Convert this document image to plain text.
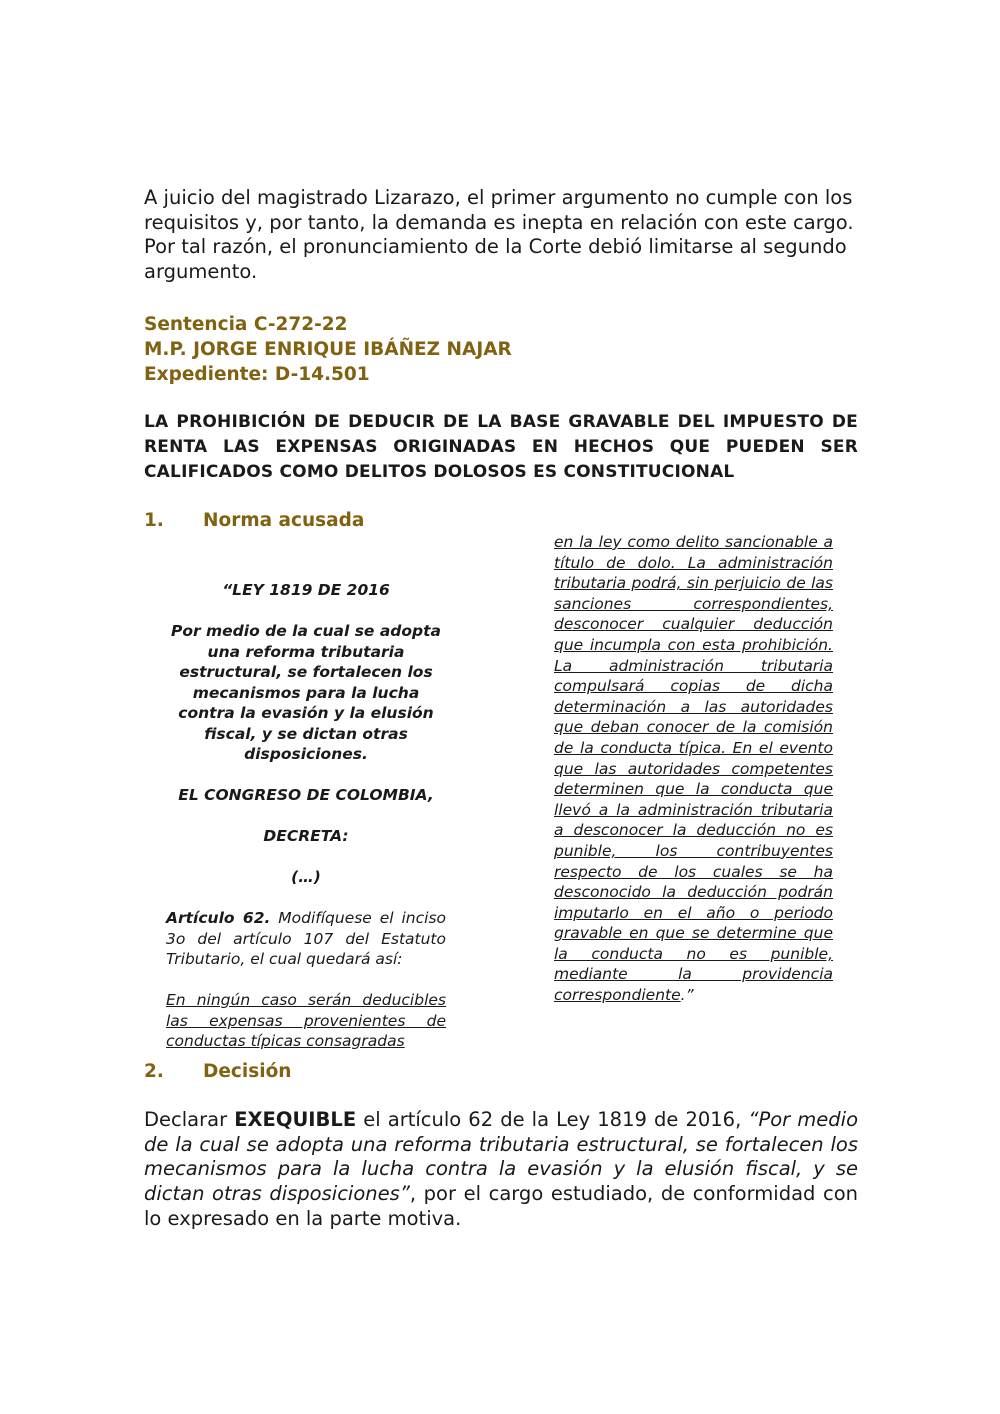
A juicio del magistrado Lizarazo, el primer argumento no cumple con los requisitos y, por tanto, la demanda es inepta en relación con este cargo. Por tal razón, el pronunciamiento de la Corte debió limitarse al segundo argumento.

Sentencia C-272-22
M.P. JORGE ENRIQUE IBÁÑEZ NAJAR
Expediente: D-14.501
LA PROHIBICIÓN DE DEDUCIR DE LA BASE GRAVABLE DEL IMPUESTO DE RENTA LAS EXPENSAS ORIGINADAS EN HECHOS QUE PUEDEN SER CALIFICADOS COMO DELITOS DOLOSOS ES CONSTITUCIONAL
1. Norma acusada
“LEY 1819 DE 2016
Por medio de la cual se adopta una reforma tributaria estructural, se fortalecen los mecanismos para la lucha contra la evasión y la elusión fiscal, y se dictan otras disposiciones.
EL CONGRESO DE COLOMBIA,
DECRETA:
(…)
Artículo 62. Modifíquese el inciso 3o del artículo 107 del Estatuto Tributario, el cual quedará así:
En ningún caso serán deducibles las expensas provenientes de conductas típicas consagradas
en la ley como delito sancionable a título de dolo. La administración tributaria podrá, sin perjuicio de las sanciones correspondientes, desconocer cualquier deducción que incumpla con esta prohibición. La administración tributaria compulsará copias de dicha determinación a las autoridades que deban conocer de la comisión de la conducta típica. En el evento que las autoridades competentes determinen que la conducta que llevó a la administración tributaria a desconocer la deducción no es punible, los contribuyentes respecto de los cuales se ha desconocido la deducción podrán imputarlo en el año o periodo gravable en que se determine que la conducta no es punible, mediante la providencia correspondiente.”
2. Decisión

Declarar EXEQUIBLE el artículo 62 de la Ley 1819 de 2016, “Por medio de la cual se adopta una reforma tributaria estructural, se fortalecen los mecanismos para la lucha contra la evasión y la elusión fiscal, y se dictan otras disposiciones”, por el cargo estudiado, de conformidad con lo expresado en la parte motiva.
